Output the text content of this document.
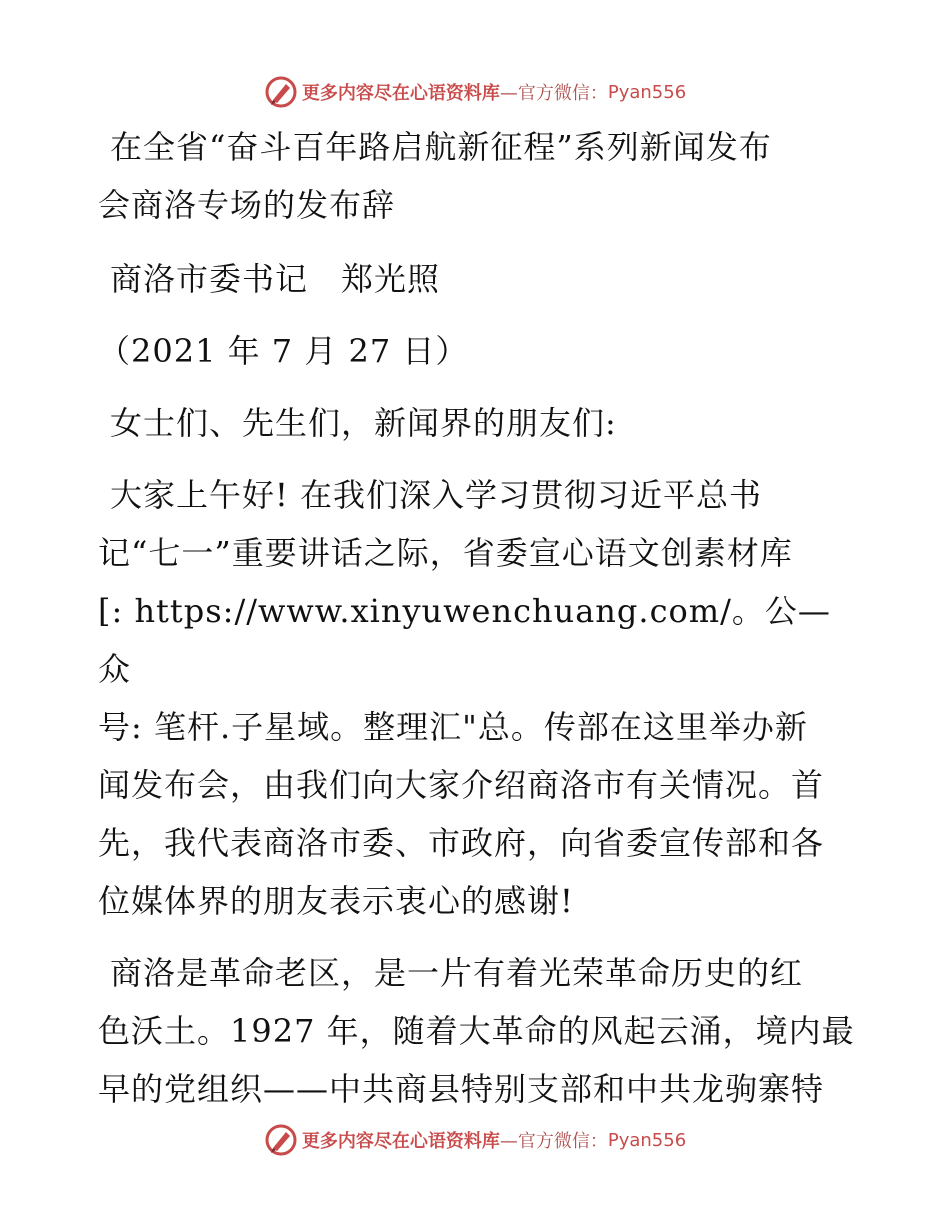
更多内容尽在心语资料库 —官方微信： Pyan556
在全省“奋斗百年路启航新征程”系列新闻发布
会商洛专场的发布辞
商洛市委书记　郑光照
（2021 年 7 月 27 日）
女士们、先生们，新闻界的朋友们:
大家上午好! 在我们深入学习贯彻习近平总书
记“七一”重要讲话之际，省委宣心语文创素材库
[: https://www.xinyuwenchuang.com/。公—众
号: 笔杆.子星域。整理汇"总。传部在这里举办新
闻发布会，由我们向大家介绍商洛市有关情况。首
先，我代表商洛市委、市政府，向省委宣传部和各
位媒体界的朋友表示衷心的感谢!
商洛是革命老区，是一片有着光荣革命历史的红
色沃土。1927 年，随着大革命的风起云涌，境内最
早的党组织——中共商县特别支部和中共龙驹寨特
更多内容尽在心语资料库 —官方微信： Pyan556
